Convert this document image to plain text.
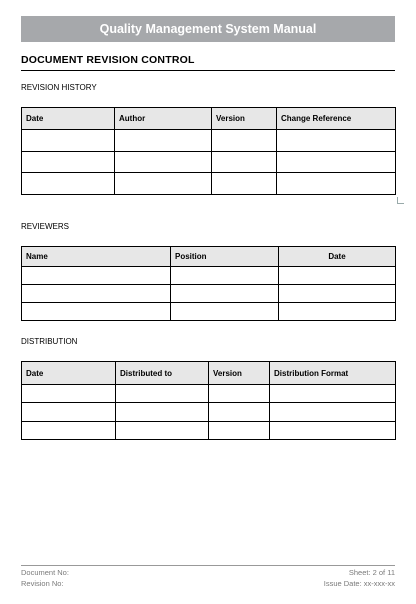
Quality Management System Manual
DOCUMENT REVISION CONTROL
REVISION HISTORY
Date	Author	Version	Change Reference

REVIEWERS
Name	Position	Date

DISTRIBUTION
Date	Distributed to	Version	Distribution Format

Document No:
Revision No:
Sheet: 2 of 11
Issue Date: xx-xxx-xx
